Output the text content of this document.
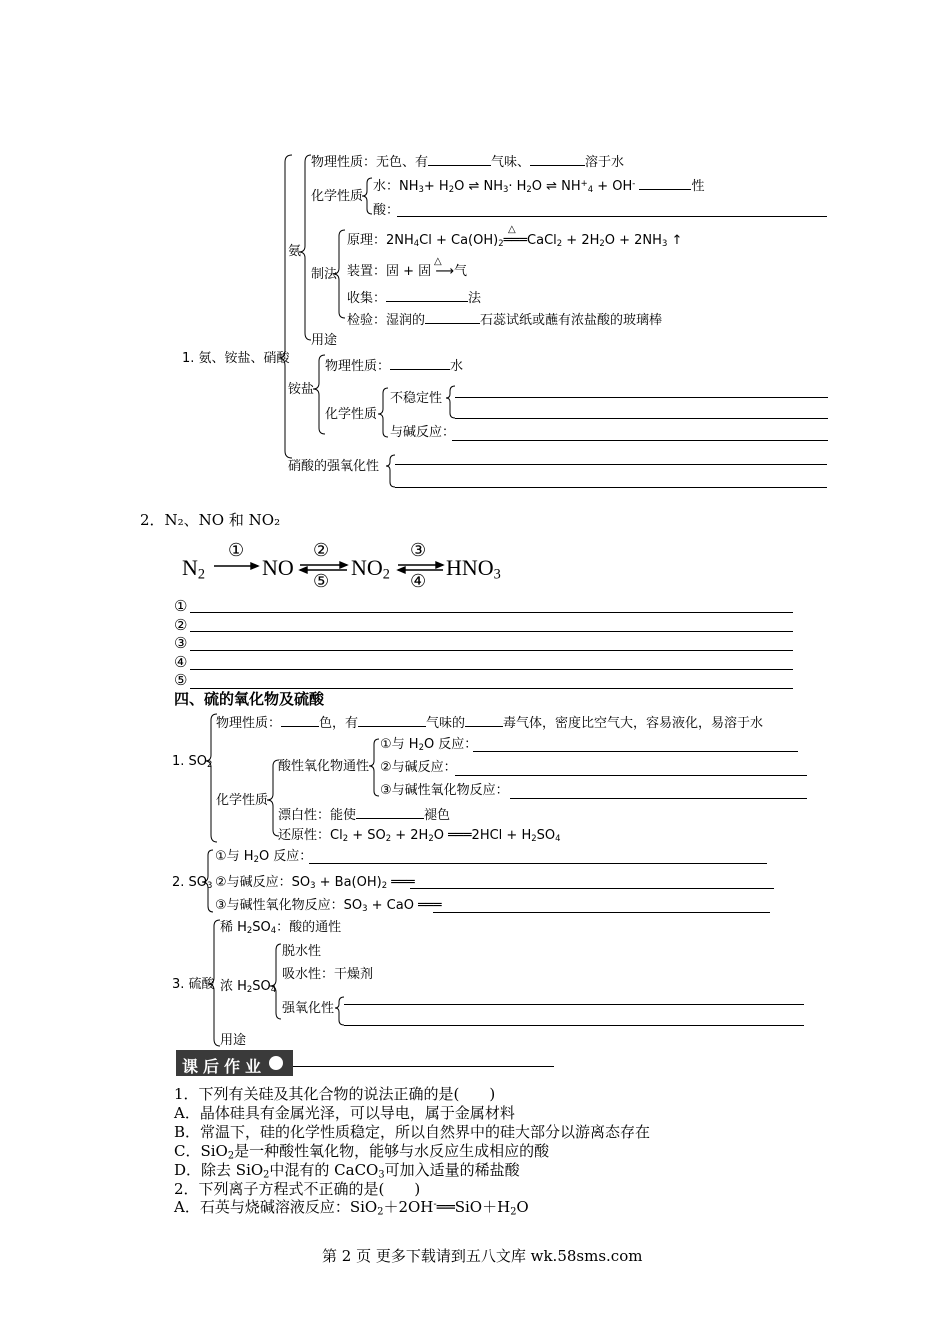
1. 氨、铵盐、硝酸
氨
物理性质：无色、有	气味、	溶于水
化学性质
水：$NH_3+ H_2O$ ⇌ $NH_3\cdot H_2O$ ⇌ $NH^+_4 + OH^-$	性
酸：
制法
△
原理：$2NH_4Cl$ + $Ca(OH)_2═══CaCl_2 + 2H_2O + 2NH_3$ ↑
△
装置：固 + 固 ⟶气
收集：	法
检验：湿润的	石蕊试纸或蘸有浓盐酸的玻璃棒
用途
铵盐
物理性质：	水
化学性质
不稳定性
与碱反应：
硝酸的强氧化性
2．N₂、NO 和 NO₂
$N_2$	NO	$NO_2$	$HNO_3$
①	②
⑤
③
④
①
②
③
④
⑤
四、硫的氧化物及硫酸
1. $SO_2$
物理性质：	色，有	气味的	毒气体，密度比空气大，容易液化，易溶于水
化学性质
酸性氧化物通性
①与 $H_2O$ 反应：
②与碱反应：
③与碱性氧化物反应：
漂白性：能使	褪色
还原性：$Cl_2 + SO_2 + 2H_2O$ ═══2HCl + $H_2SO_4$
2. $SO_3$
①与 $H_2O$ 反应：
②与碱反应：$SO_3 + Ba(OH)_2$ ═══
③与碱性氧化物反应：$SO_3$ + CaO ═══
3. 硫酸
稀 $H_2SO_4$：酸的通性
浓 $H_2SO_4$
脱水性
吸水性：干燥剂
强氧化性
用途
课后作业
1．下列有关硅及其化合物的说法正确的是(　　)
A．晶体硅具有金属光泽，可以导电，属于金属材料
B．常温下，硅的化学性质稳定，所以自然界中的硅大部分以游离态存在
C．SiO$_2$是一种酸性氧化物，能够与水反应生成相应的酸
D．除去 SiO$_2$中混有的 CaCO$_3$可加入适量的稀盐酸
2．下列离子方程式不正确的是(　　)
A．石英与烧碱溶液反应：$SiO_2+2OH^-══SiO+H_2O$
第 2 页 更多下载请到五八文库 wk.58sms.com
